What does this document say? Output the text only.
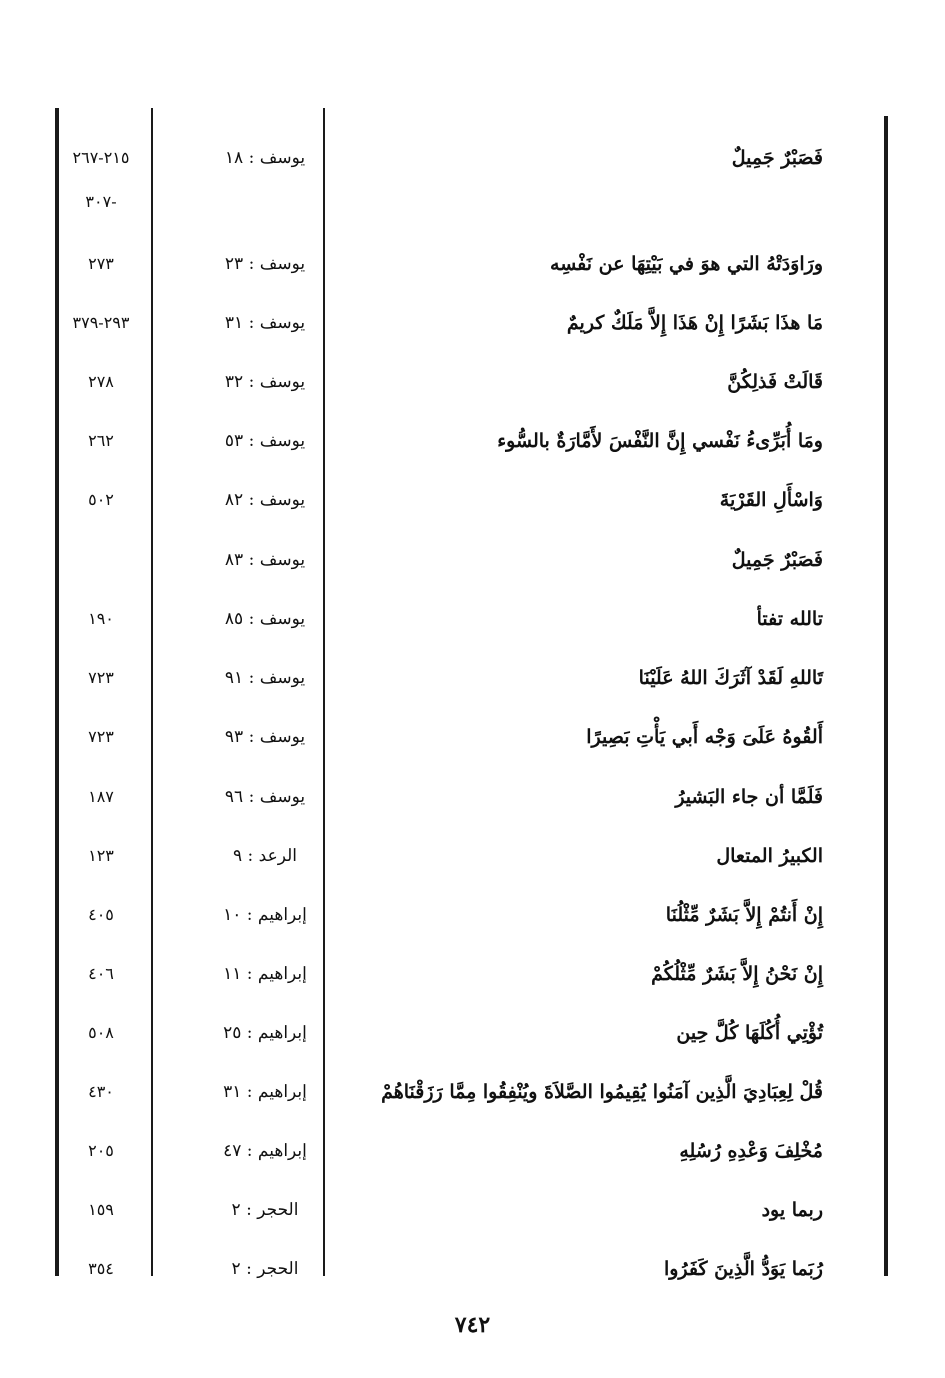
فَصَبْرٌ جَمِيلٌ
يوسف : ١٨
٢١٥-٢٦٧
-٣٠٧
ورَاوَدَتْهُ التي هوَ في بَيْتِهَا عن نَفْسِه
يوسف : ٢٣
٢٧٣
مَا هذَا بَشَرًا إِنْ هَذَا إِلاَّ مَلَكٌ كريمٌ
يوسف : ٣١
٢٩٣-٣٧٩
قَالَتْ فَذلِكُنَّ
يوسف : ٣٢
٢٧٨
ومَا أُبَرِّىءُ نَفْسي إِنَّ النَّفْسَ لأَمَّارَةٌ بالسُّوء
يوسف : ٥٣
٢٦٢
وَاسْأَلِ القَرْيَةَ
يوسف : ٨٢
٥٠٢
فَصَبْرٌ جَمِيلٌ
يوسف : ٨٣
تالله تفتأ
يوسف : ٨٥
١٩٠
تَاللهِ لَقَدْ آثَرَكَ اللهُ عَلَيْنَا
يوسف : ٩١
٧٢٣
أَلقُوهُ عَلَىَ وَجْه أَبي يَأْتِ بَصِيرًا
يوسف : ٩٣
٧٢٣
فَلَمَّا أن جاء البَشيرُ
يوسف : ٩٦
١٨٧
الكبيرُ المتعال
الرعد : ٩
١٢٣
إِنْ أَنتُمْ إِلاَّ بَشَرٌ مِّثْلُنَا
إبراهيم : ١٠
٤٠٥
إِنْ نَحْنُ إِلاَّ بَشَرٌ مِّثْلُكُمْ
إبراهيم : ١١
٤٠٦
تُؤْتِي أُكُلَهَا كُلَّ حِين
إبراهيم : ٢٥
٥٠٨
قُلْ لِعِبَادِيَ الَّذِين آمَنُوا يُقِيمُوا الصَّلاَةَ ويُنْفِقُوا مِمَّا رَزَقْنَاهُمْ
إبراهيم : ٣١
٤٣٠
مُخْلِفَ وَعْدِهِ رُسُلِهِ
إبراهيم : ٤٧
٢٠٥
ربما يود
الحجر : ٢
١٥٩
رُبَما يَوَدُّ الَّذِينَ كَفَرُوا
الحجر : ٢
٣٥٤
٧٤٢
